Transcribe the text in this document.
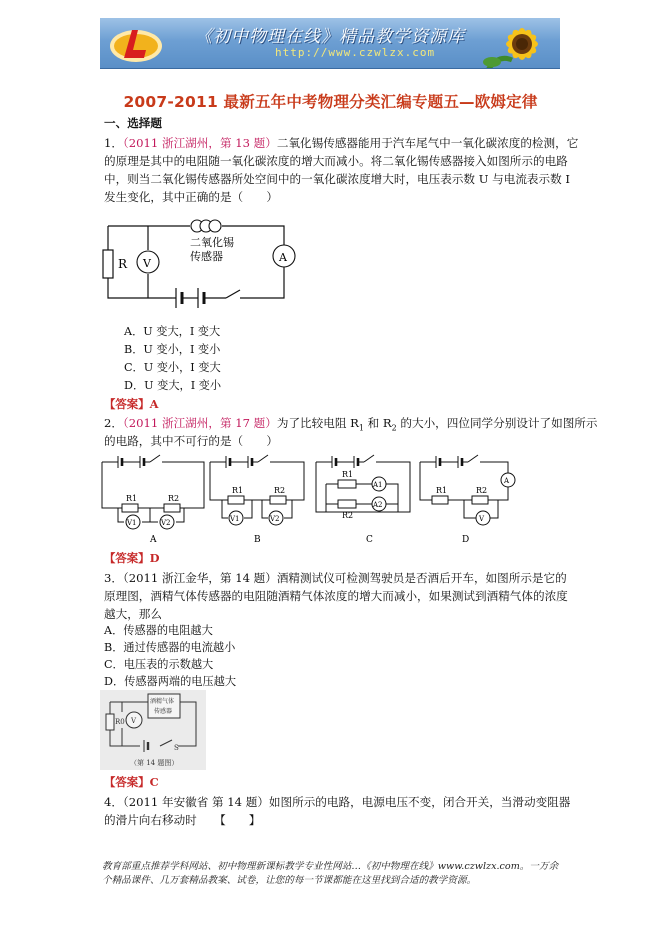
《初中物理在线》精品教学资源库
http://www.czwlzx.com
2007-2011 最新五年中考物理分类汇编专题五—欧姆定律
一、选择题
1．（2011 浙江湖州，第 13 题）二氧化锡传感器能用于汽车尾气中一氧化碳浓度的检测，它
的原理是其中的电阻随一氧化碳浓度的增大而减小。将二氧化锡传感器接入如图所示的电路
中，则当二氧化锡传感器所处空间中的一氧化碳浓度增大时，电压表示数 U 与电流表示数 I
发生变化，其中正确的是（　　）
R V	A
二氧化锡
传感器
A．U 变大，I 变大
B．U 变小，I 变小
C．U 变小，I 变大
D．U 变大，I 变小
【答案】A
2．（2011 浙江湖州，第 17 题）为了比较电阻 $R_1$ 和 $R_2$ 的大小，四位同学分别设计了如图所示
的电路，其中不可行的是（　　）
R1	R2
V1	V2
A
R1	R2
V1	V2
B
R1
R2
A1
A2
C
R1	R2
A
V
D
【答案】D
3．（2011 浙江金华，第 14 题）酒精测试仪可检测驾驶员是否酒后开车，如图所示是它的
原理图，酒精气体传感器的电阻随酒精气体浓度的增大而减小，如果测试到酒精气体的浓度
越大，那么
A．传感器的电阻越大
B．通过传感器的电流越小
C．电压表的示数越大
D．传感器两端的电压越大
R0 V
酒精气体
传感器
S
（第 14 题图）
【答案】C
4．（2011 年安徽省 第 14 题）如图所示的电路，电源电压不变，闭合开关，当滑动变阻器
的滑片向右移动时　　【　　】
教育部重点推荐学科网站、初中物理新课标教学专业性网站…《初中物理在线》www.czwlzx.com。一万余
个精品课件、几万套精品教案、试卷，让您的每一节课都能在这里找到合适的教学资源。
